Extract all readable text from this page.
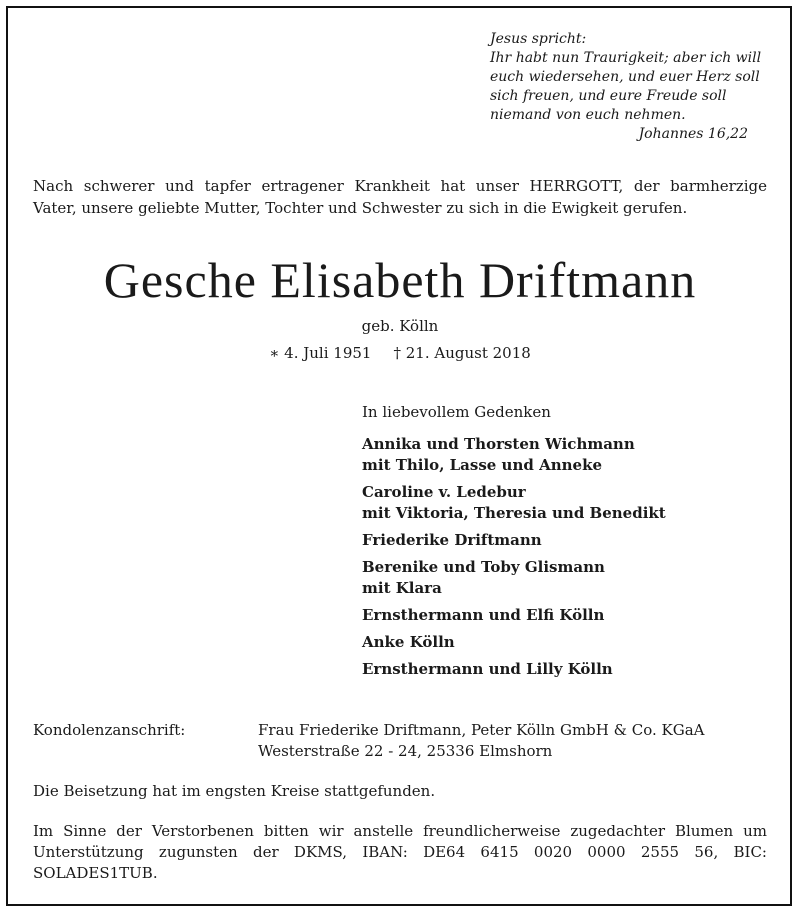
Jesus spricht:
Ihr habt nun Traurigkeit; aber ich will
euch wiedersehen, und euer Herz soll
sich freuen, und eure Freude soll
niemand von euch nehmen.
Johannes 16,22
Nach schwerer und tapfer ertragener Krankheit hat unser HERRGOTT, der barmherzige
Vater, unsere geliebte Mutter, Tochter und Schwester zu sich in die Ewigkeit gerufen.
Gesche Elisabeth Driftmann
geb. Kölln
∗ 4. Juli 1951 † 21. August 2018
In liebevollem Gedenken
Annika und Thorsten Wichmann
mit Thilo, Lasse und Anneke
Caroline v. Ledebur
mit Viktoria, Theresia und Benedikt
Friederike Driftmann
Berenike und Toby Glismann
mit Klara
Ernsthermann und Elfi Kölln
Anke Kölln
Ernsthermann und Lilly Kölln
Kondolenzanschrift:	Frau Friederike Driftmann, Peter Kölln GmbH & Co. KGaA
Westerstraße 22 - 24, 25336 Elmshorn
Die Beisetzung hat im engsten Kreise stattgefunden.
Im Sinne der Verstorbenen bitten wir anstelle freundlicherweise zugedachter Blumen um
Unterstützung zugunsten der DKMS, IBAN: DE64 6415 0020 0000 2555 56, BIC:
SOLADES1TUB.
